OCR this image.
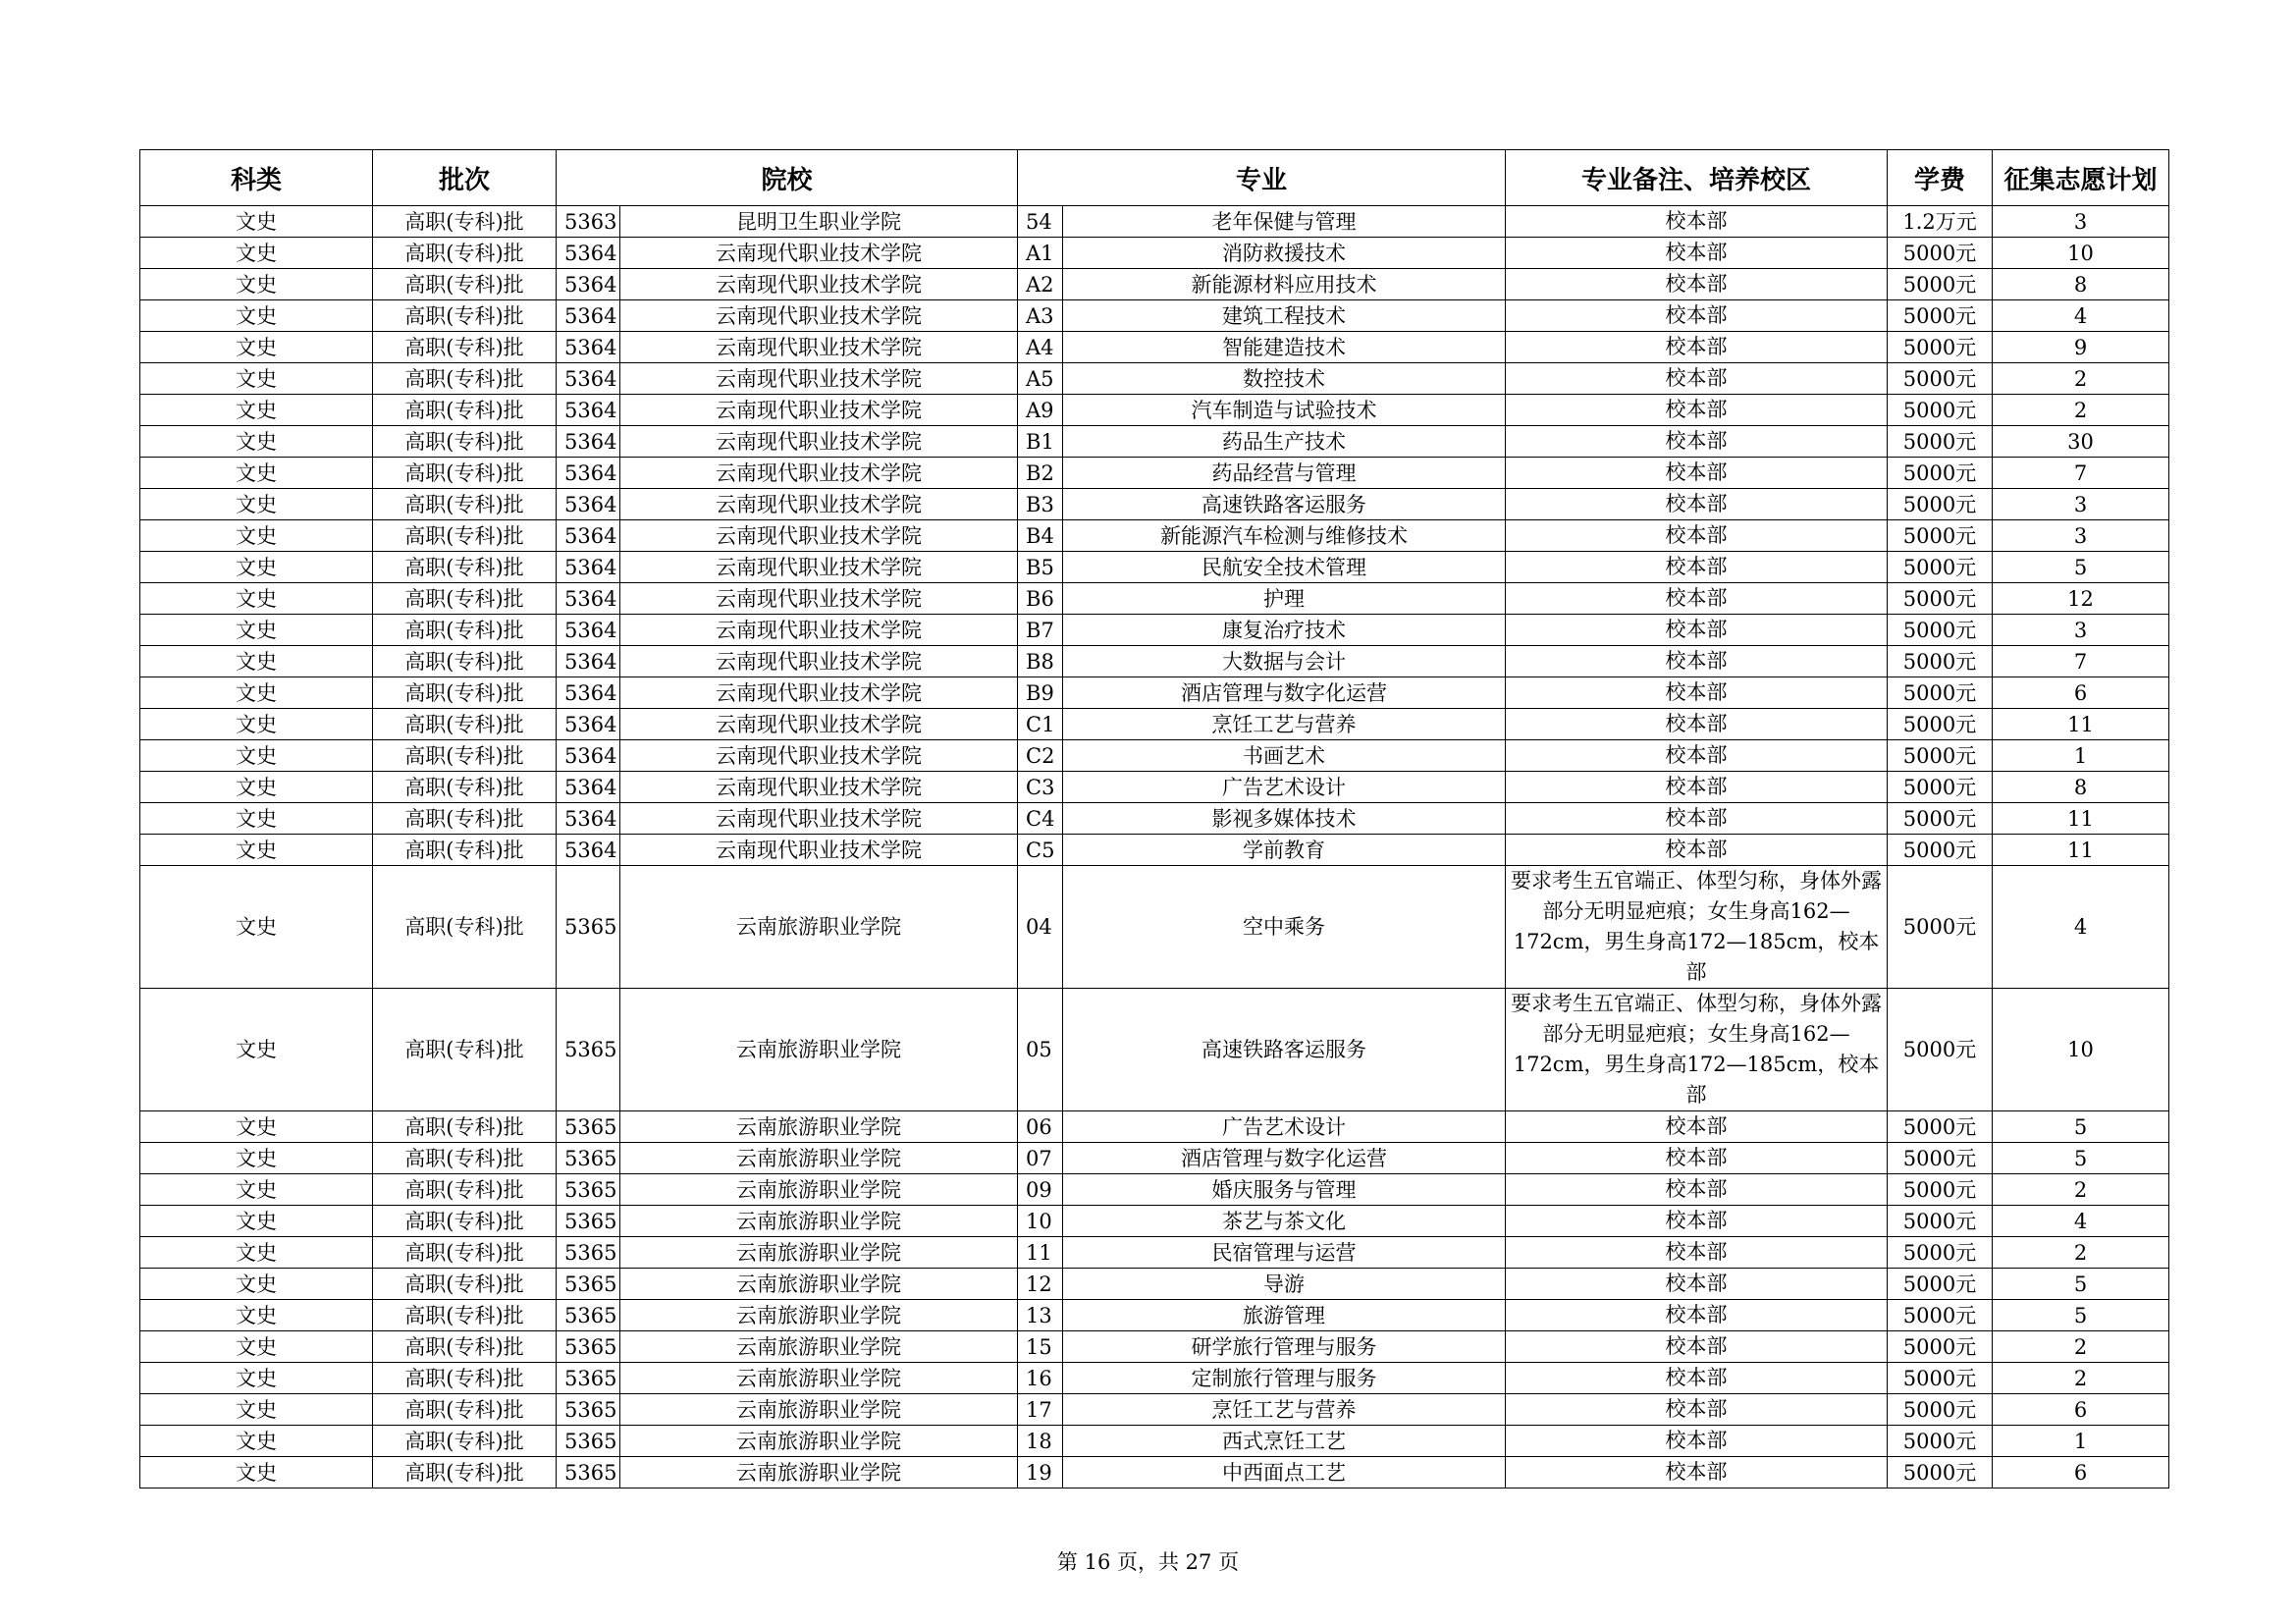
科类	批次	院校		专业		专业备注、培养校区	学费	征集志愿计划
文史	高职(专科)批	5363	昆明卫生职业学院	54	老年保健与管理	校本部	1.2万元	3
文史	高职(专科)批	5364	云南现代职业技术学院	A1	消防救援技术	校本部	5000元	10
文史	高职(专科)批	5364	云南现代职业技术学院	A2	新能源材料应用技术	校本部	5000元	8
文史	高职(专科)批	5364	云南现代职业技术学院	A3	建筑工程技术	校本部	5000元	4
文史	高职(专科)批	5364	云南现代职业技术学院	A4	智能建造技术	校本部	5000元	9
文史	高职(专科)批	5364	云南现代职业技术学院	A5	数控技术	校本部	5000元	2
文史	高职(专科)批	5364	云南现代职业技术学院	A9	汽车制造与试验技术	校本部	5000元	2
文史	高职(专科)批	5364	云南现代职业技术学院	B1	药品生产技术	校本部	5000元	30
文史	高职(专科)批	5364	云南现代职业技术学院	B2	药品经营与管理	校本部	5000元	7
文史	高职(专科)批	5364	云南现代职业技术学院	B3	高速铁路客运服务	校本部	5000元	3
文史	高职(专科)批	5364	云南现代职业技术学院	B4	新能源汽车检测与维修技术	校本部	5000元	3
文史	高职(专科)批	5364	云南现代职业技术学院	B5	民航安全技术管理	校本部	5000元	5
文史	高职(专科)批	5364	云南现代职业技术学院	B6	护理	校本部	5000元	12
文史	高职(专科)批	5364	云南现代职业技术学院	B7	康复治疗技术	校本部	5000元	3
文史	高职(专科)批	5364	云南现代职业技术学院	B8	大数据与会计	校本部	5000元	7
文史	高职(专科)批	5364	云南现代职业技术学院	B9	酒店管理与数字化运营	校本部	5000元	6
文史	高职(专科)批	5364	云南现代职业技术学院	C1	烹饪工艺与营养	校本部	5000元	11
文史	高职(专科)批	5364	云南现代职业技术学院	C2	书画艺术	校本部	5000元	1
文史	高职(专科)批	5364	云南现代职业技术学院	C3	广告艺术设计	校本部	5000元	8
文史	高职(专科)批	5364	云南现代职业技术学院	C4	影视多媒体技术	校本部	5000元	11
文史	高职(专科)批	5364	云南现代职业技术学院	C5	学前教育	校本部	5000元	11
文史	高职(专科)批	5365	云南旅游职业学院	04	空中乘务	要求考生五官端正、体型匀称，身体外露部分无明显疤痕；女生身高162—172cm，男生身高172—185cm，校本部	5000元	4
文史	高职(专科)批	5365	云南旅游职业学院	05	高速铁路客运服务	要求考生五官端正、体型匀称，身体外露部分无明显疤痕；女生身高162—172cm，男生身高172—185cm，校本部	5000元	10
文史	高职(专科)批	5365	云南旅游职业学院	06	广告艺术设计	校本部	5000元	5
文史	高职(专科)批	5365	云南旅游职业学院	07	酒店管理与数字化运营	校本部	5000元	5
文史	高职(专科)批	5365	云南旅游职业学院	09	婚庆服务与管理	校本部	5000元	2
文史	高职(专科)批	5365	云南旅游职业学院	10	茶艺与茶文化	校本部	5000元	4
文史	高职(专科)批	5365	云南旅游职业学院	11	民宿管理与运营	校本部	5000元	2
文史	高职(专科)批	5365	云南旅游职业学院	12	导游	校本部	5000元	5
文史	高职(专科)批	5365	云南旅游职业学院	13	旅游管理	校本部	5000元	5
文史	高职(专科)批	5365	云南旅游职业学院	15	研学旅行管理与服务	校本部	5000元	2
文史	高职(专科)批	5365	云南旅游职业学院	16	定制旅行管理与服务	校本部	5000元	2
文史	高职(专科)批	5365	云南旅游职业学院	17	烹饪工艺与营养	校本部	5000元	6
文史	高职(专科)批	5365	云南旅游职业学院	18	西式烹饪工艺	校本部	5000元	1
文史	高职(专科)批	5365	云南旅游职业学院	19	中西面点工艺	校本部	5000元	6
第 16 页，共 27 页
